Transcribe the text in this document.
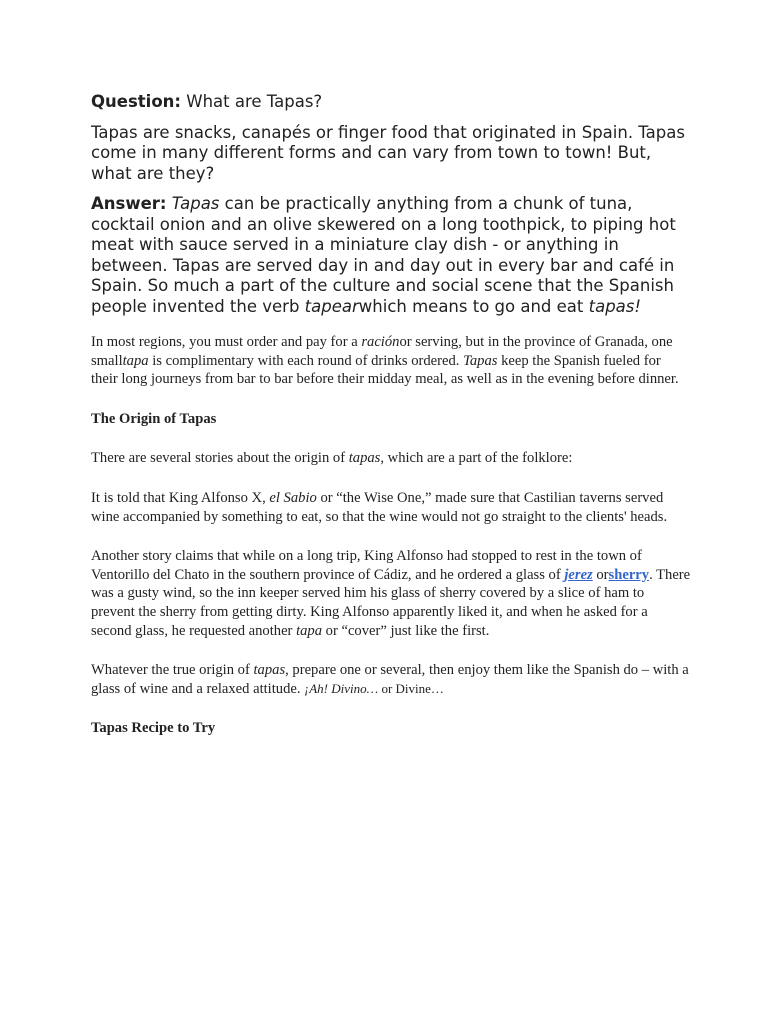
Question: What are Tapas?

Tapas are snacks, canapés or finger food that originated in Spain. Tapas come in many different forms and can vary from town to town! But, what are they?

Answer: Tapas can be practically anything from a chunk of tuna, cocktail onion and an olive skewered on a long toothpick, to piping hot meat with sauce served in a miniature clay dish - or anything in between. Tapas are served day in and day out in every bar and café in Spain. So much a part of the culture and social scene that the Spanish people invented the verb tapearwhich means to go and eat tapas!

In most regions, you must order and pay for a raciónor serving, but in the province of Granada, one smalltapa is complimentary with each round of drinks ordered. Tapas keep the Spanish fueled for their long journeys from bar to bar before their midday meal, as well as in the evening before dinner.

The Origin of Tapas

There are several stories about the origin of tapas, which are a part of the folklore:

It is told that King Alfonso X, el Sabio or “the Wise One,” made sure that Castilian taverns served wine accompanied by something to eat, so that the wine would not go straight to the clients' heads.

Another story claims that while on a long trip, King Alfonso had stopped to rest in the town of Ventorillo del Chato in the southern province of Cádiz, and he ordered a glass of jerez orsherry. There was a gusty wind, so the inn keeper served him his glass of sherry covered by a slice of ham to prevent the sherry from getting dirty. King Alfonso apparently liked it, and when he asked for a second glass, he requested another tapa or “cover” just like the first.

Whatever the true origin of tapas, prepare one or several, then enjoy them like the Spanish do – with a glass of wine and a relaxed attitude. ¡Ah! Divino… or Divine…

Tapas Recipe to Try
